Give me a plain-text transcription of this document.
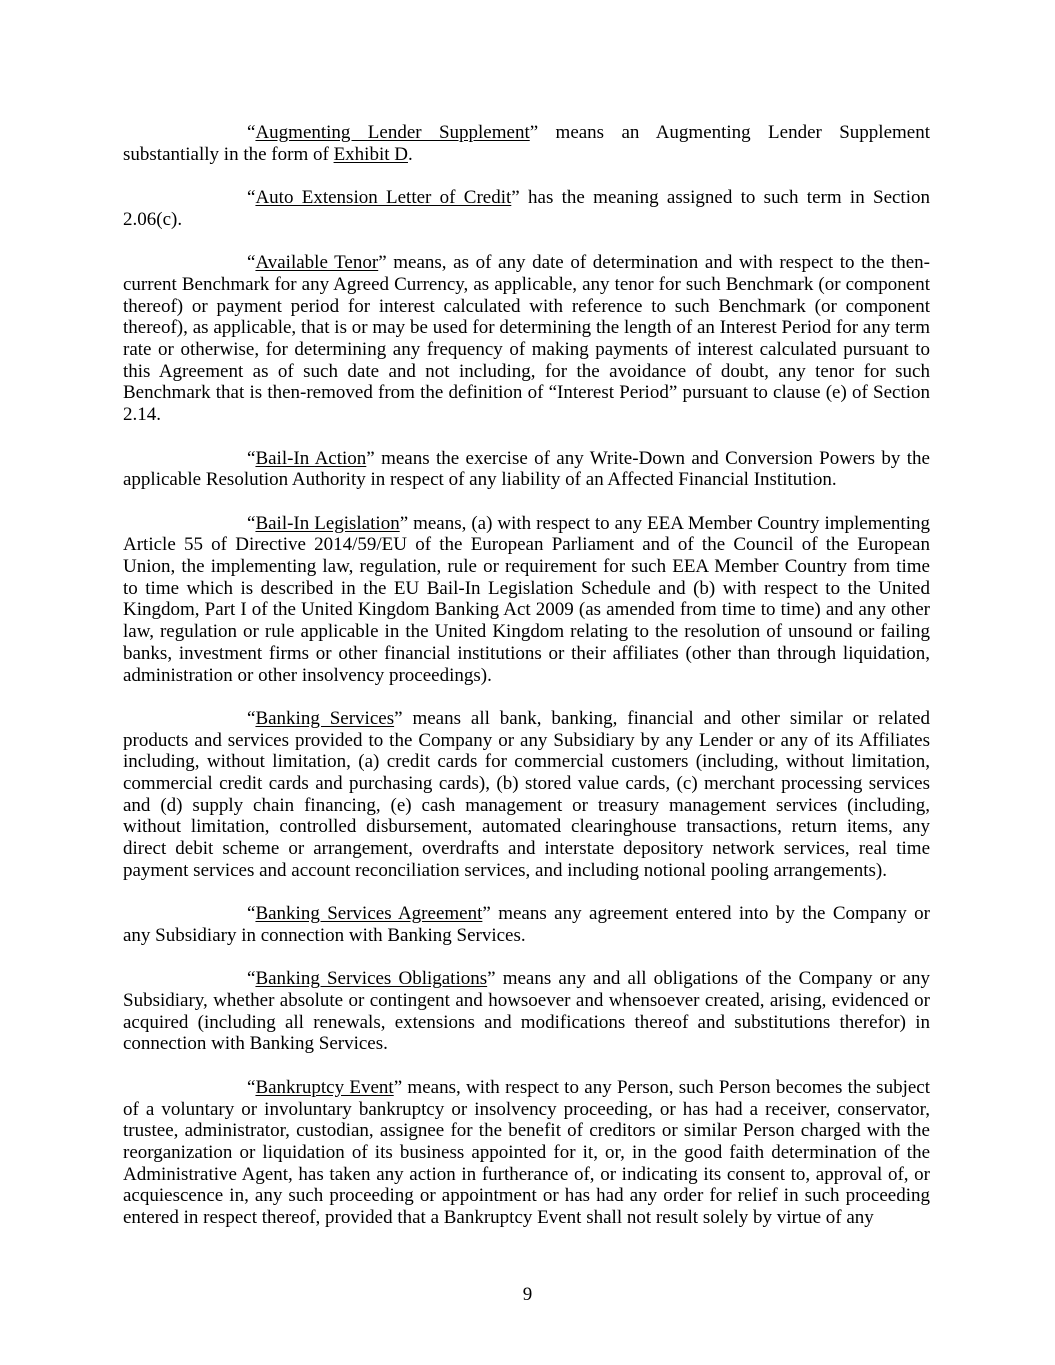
“Augmenting Lender Supplement” means an Augmenting Lender Supplement substantially in the form of Exhibit D.

“Auto Extension Letter of Credit” has the meaning assigned to such term in Section 2.06(c).

“Available Tenor” means, as of any date of determination and with respect to the then-current Benchmark for any Agreed Currency, as applicable, any tenor for such Benchmark (or component thereof) or payment period for interest calculated with reference to such Benchmark (or component thereof), as applicable, that is or may be used for determining the length of an Interest Period for any term rate or otherwise, for determining any frequency of making payments of interest calculated pursuant to this Agreement as of such date and not including, for the avoidance of doubt, any tenor for such Benchmark that is then-removed from the definition of “Interest Period” pursuant to clause (e) of Section 2.14.

“Bail-In Action” means the exercise of any Write-Down and Conversion Powers by the applicable Resolution Authority in respect of any liability of an Affected Financial Institution.

“Bail-In Legislation” means, (a) with respect to any EEA Member Country implementing Article 55 of Directive 2014/59/EU of the European Parliament and of the Council of the European Union, the implementing law, regulation, rule or requirement for such EEA Member Country from time to time which is described in the EU Bail-In Legislation Schedule and (b) with respect to the United Kingdom, Part I of the United Kingdom Banking Act 2009 (as amended from time to time) and any other law, regulation or rule applicable in the United Kingdom relating to the resolution of unsound or failing banks, investment firms or other financial institutions or their affiliates (other than through liquidation, administration or other insolvency proceedings).

“Banking Services” means all bank, banking, financial and other similar or related products and services provided to the Company or any Subsidiary by any Lender or any of its Affiliates including, without limitation, (a) credit cards for commercial customers (including, without limitation, commercial credit cards and purchasing cards), (b) stored value cards, (c) merchant processing services and (d) supply chain financing, (e) cash management or treasury management services (including, without limitation, controlled disbursement, automated clearinghouse transactions, return items, any direct debit scheme or arrangement, overdrafts and interstate depository network services, real time payment services and account reconciliation services, and including notional pooling arrangements).

“Banking Services Agreement” means any agreement entered into by the Company or any Subsidiary in connection with Banking Services.

“Banking Services Obligations” means any and all obligations of the Company or any Subsidiary, whether absolute or contingent and howsoever and whensoever created, arising, evidenced or acquired (including all renewals, extensions and modifications thereof and substitutions therefor) in connection with Banking Services.

“Bankruptcy Event” means, with respect to any Person, such Person becomes the subject of a voluntary or involuntary bankruptcy or insolvency proceeding, or has had a receiver, conservator, trustee, administrator, custodian, assignee for the benefit of creditors or similar Person charged with the reorganization or liquidation of its business appointed for it, or, in the good faith determination of the Administrative Agent, has taken any action in furtherance of, or indicating its consent to, approval of, or acquiescence in, any such proceeding or appointment or has had any order for relief in such proceeding entered in respect thereof, provided that a Bankruptcy Event shall not result solely by virtue of any

9
